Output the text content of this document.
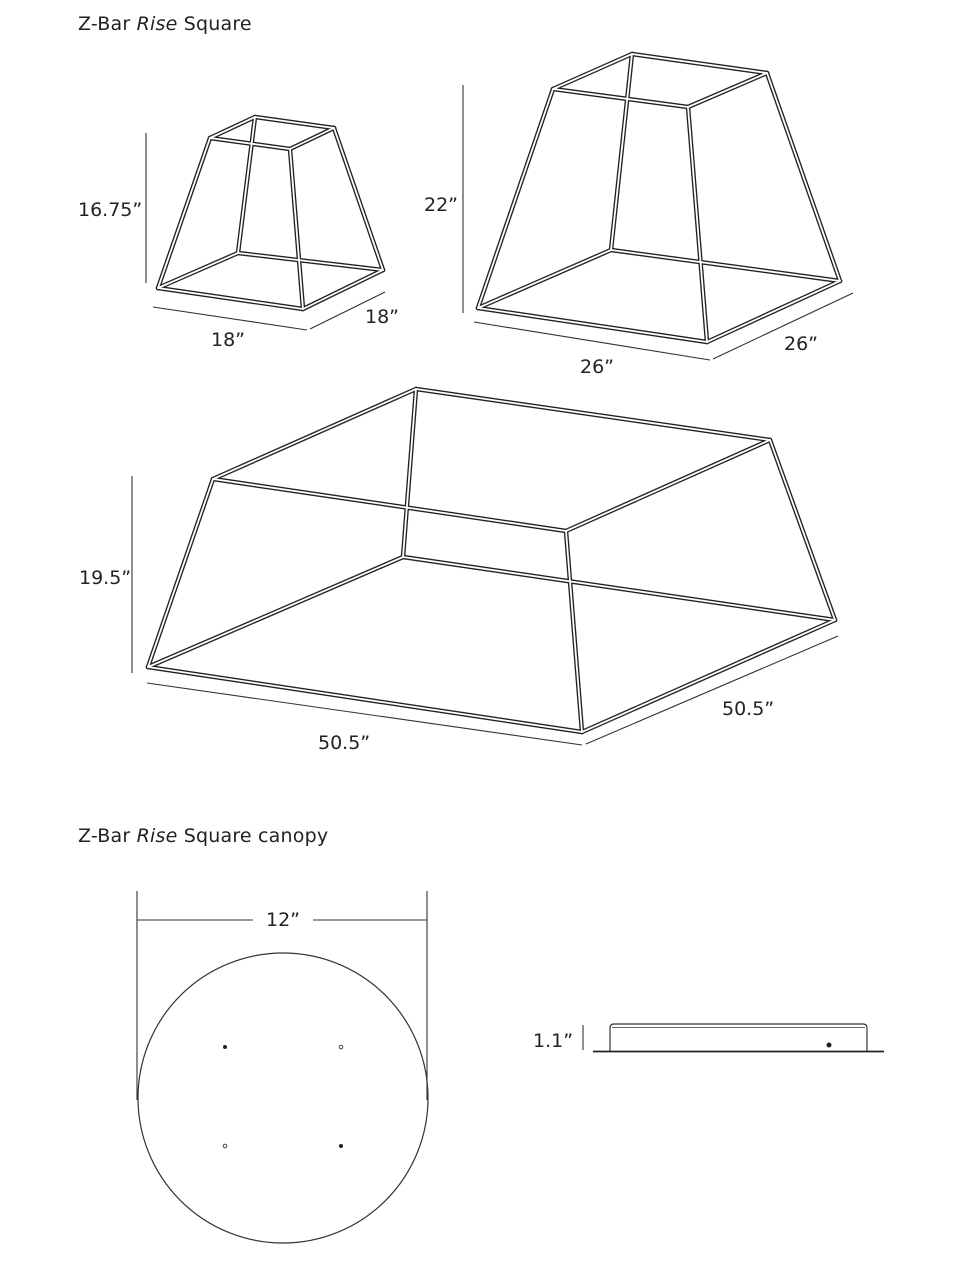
Z-Bar Rise Square
Z-Bar Rise Square canopy
16.75”
18”
18”
22”
26”
26”
19.5”
50.5”
50.5”
12”
1.1”
